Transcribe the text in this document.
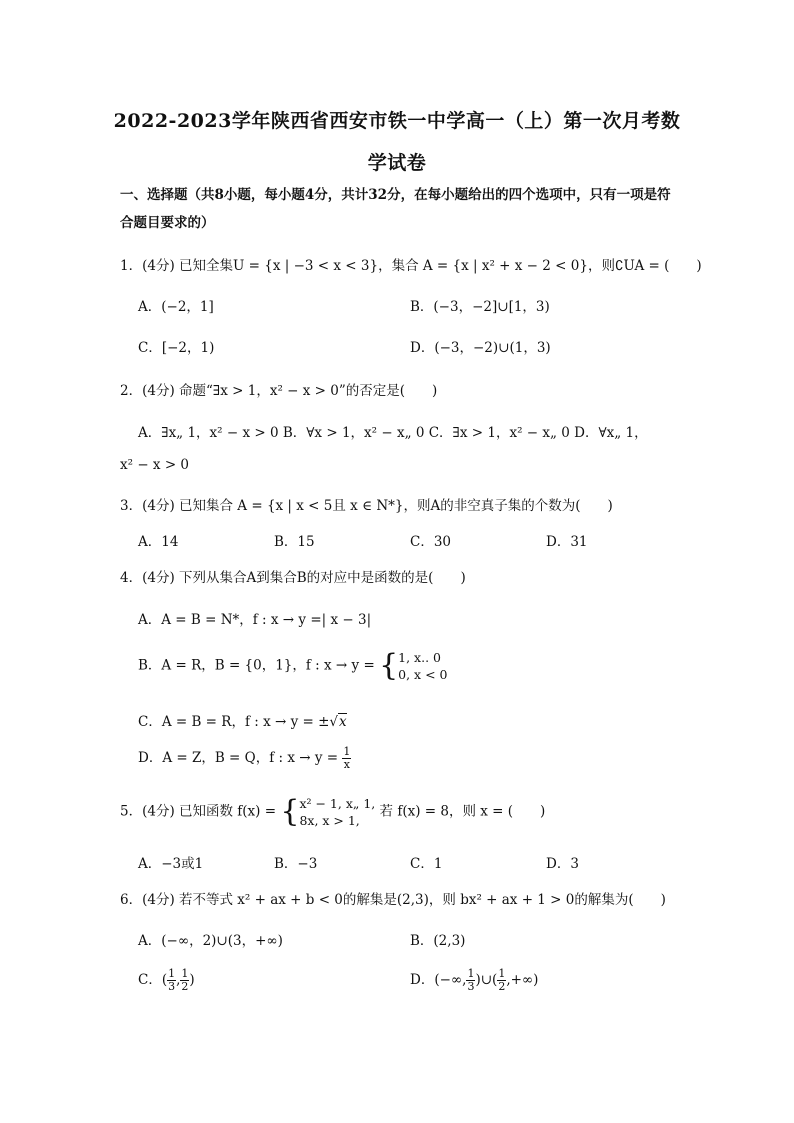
2022-2023学年陕西省西安市铁一中学高一（上）第一次月考数
学试卷
一、选择题（共8小题，每小题4分，共计32分，在每小题给出的四个选项中，只有一项是符合题目要求的）
1．(4分) 已知全集U = {x | −3 < x < 3}，集合 A = {x | x² + x − 2 < 0}，则∁UA = (　　)
A．(−2，1]	B．(−3，−2]∪[1，3)
C．[−2，1)	D．(−3，−2)∪(1，3)
2．(4分) 命题“∃x > 1，x² − x > 0”的否定是(　　)
A．∃x„ 1，x² − x > 0 B．∀x > 1，x² − x„ 0 C．∃x > 1，x² − x„ 0 D．∀x„ 1，
x² − x > 0
3．(4分) 已知集合 A = {x | x < 5且 x ∈ N*}，则A的非空真子集的个数为(　　)
A．14	B．15	C．30	D．31
4．(4分) 下列从集合A到集合B的对应中是函数的是(　　)
A．A = B = N*，f : x → y =| x − 3|
B．A = R，B = {0，1}，f : x → y = { 1, x.. 0
0, x < 0
C．A = B = R，f : x → y = ±√x
D．A = Z，B = Q，f : $x \to y = \frac{1}{x}$
5．(4分) 已知函数 f(x) = { x² − 1, x„ 1,
8x, x > 1,
若 f(x) = 8，则 x = (　　)
A．−3或1	B．−3	C．1	D．3
6．(4分) 若不等式 x² + ax + b < 0的解集是(2,3)，则 bx² + ax + 1 > 0的解集为(　　)
A．(−∞，2)∪(3，+∞)	B．(2,3)
C．( $\frac{1}{3}$ , $\frac{1}{2}$ )	D．(−∞, $\frac{1}{3}$ )∪( $\frac{1}{2}$ ,+∞)
